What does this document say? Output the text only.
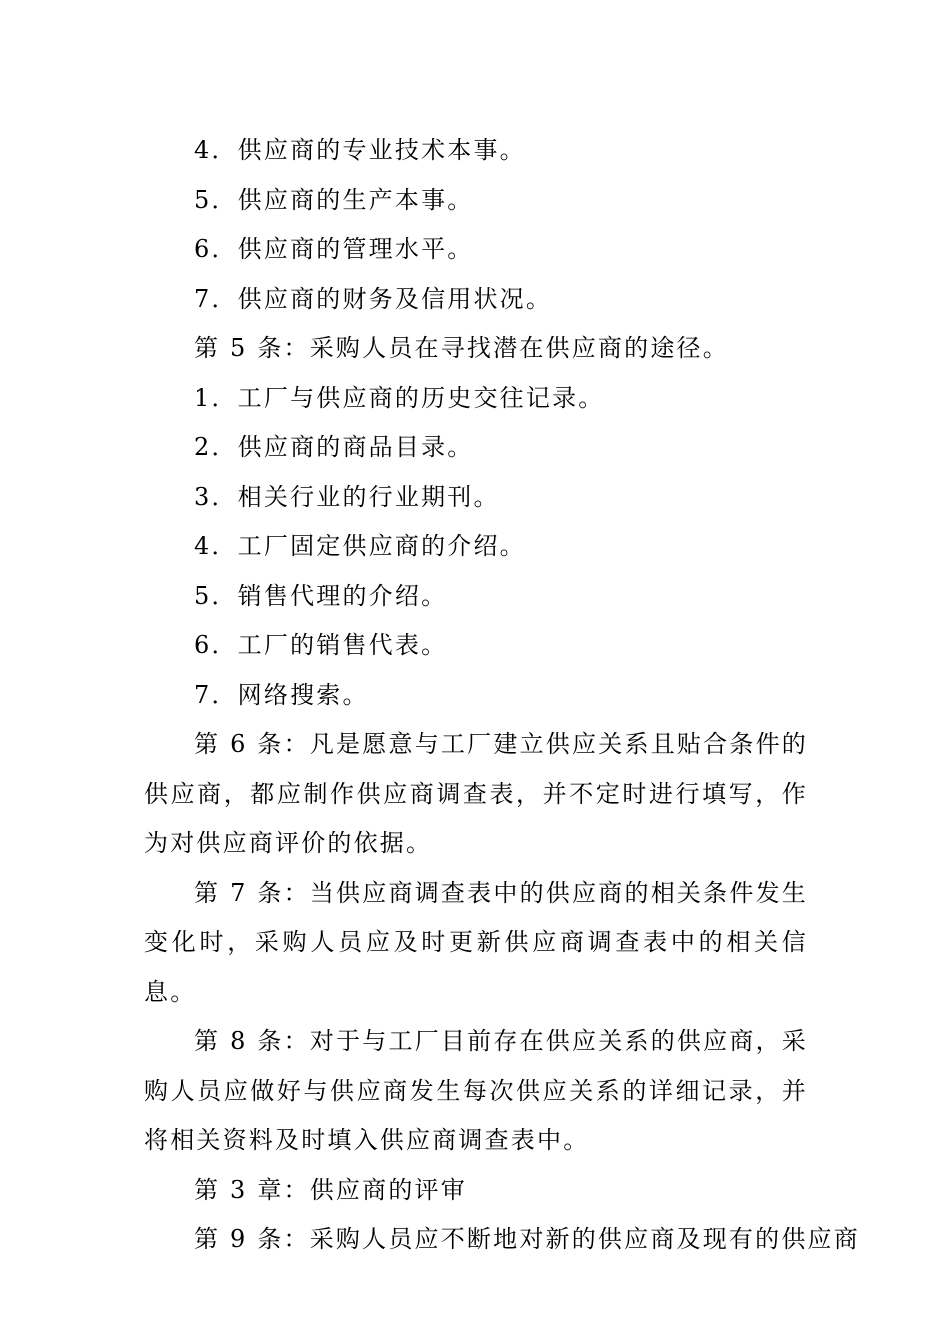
4．供应商的专业技术本事。
5．供应商的生产本事。
6．供应商的管理水平。
7．供应商的财务及信用状况。
第 5 条：采购人员在寻找潜在供应商的途径。
1．工厂与供应商的历史交往记录。
2．供应商的商品目录。
3．相关行业的行业期刊。
4．工厂固定供应商的介绍。
5．销售代理的介绍。
6．工厂的销售代表。
7．网络搜索。

第 6 条：凡是愿意与工厂建立供应关系且贴合条件的供应商，都应制作供应商调查表，并不定时进行填写，作为对供应商评价的依据。

第 7 条：当供应商调查表中的供应商的相关条件发生变化时，采购人员应及时更新供应商调查表中的相关信息。

第 8 条：对于与工厂目前存在供应关系的供应商，采购人员应做好与供应商发生每次供应关系的详细记录，并将相关资料及时填入供应商调查表中。

第 3 章：供应商的评审
第 9 条：采购人员应不断地对新的供应商及现有的供应商
